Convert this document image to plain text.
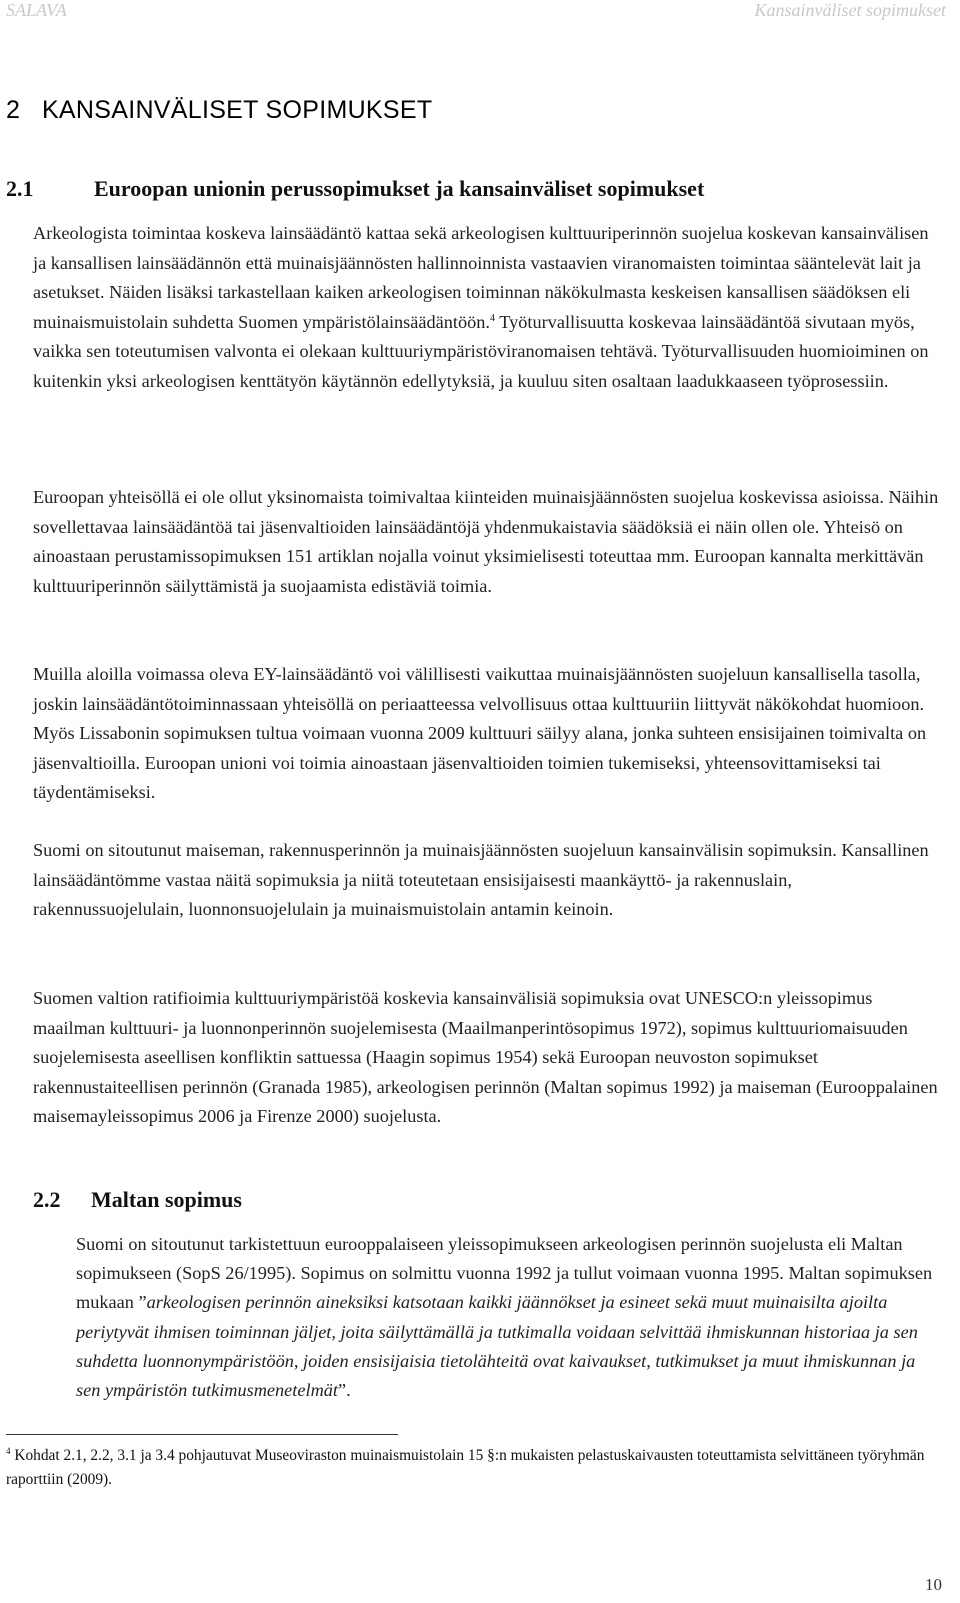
SALAVA	Kansainväliset sopimukset
2   KANSAINVÄLISET SOPIMUKSET
2.1	Euroopan unionin perussopimukset ja kansainväliset sopimukset

Arkeologista toimintaa koskeva lainsäädäntö kattaa sekä arkeologisen kulttuuriperinnön suojelua koskevan kansainvälisen ja kansallisen lainsäädännön että muinaisjäännösten hallinnoinnista vastaavien viranomaisten toimintaa sääntelevät lait ja asetukset. Näiden lisäksi tarkastellaan kaiken arkeologisen toiminnan näkökulmasta keskeisen kansallisen säädöksen eli muinaismuistolain suhdetta Suomen ympäristölainsäädäntöön.$^4$ Työturvallisuutta koskevaa lainsäädäntöä sivutaan myös, vaikka sen toteutumisen valvonta ei olekaan kulttuuriympäristöviranomaisen tehtävä. Työturvallisuuden huomioiminen on kuitenkin yksi arkeologisen kenttätyön käytännön edellytyksiä, ja kuuluu siten osaltaan laadukkaaseen työprosessiin.

Euroopan yhteisöllä ei ole ollut yksinomaista toimivaltaa kiinteiden muinaisjäännösten suojelua koskevissa asioissa. Näihin sovellettavaa lainsäädäntöä tai jäsenvaltioiden lainsäädäntöjä yhdenmukaistavia säädöksiä ei näin ollen ole. Yhteisö on ainoastaan perustamissopimuksen 151 artiklan nojalla voinut yksimielisesti toteuttaa mm. Euroopan kannalta merkittävän kulttuuriperinnön säilyttämistä ja suojaamista edistäviä toimia.

Muilla aloilla voimassa oleva EY-lainsäädäntö voi välillisesti vaikuttaa muinaisjäännösten suojeluun kansallisella tasolla, joskin lainsäädäntötoiminnassaan yhteisöllä on periaatteessa velvollisuus ottaa kulttuuriin liittyvät näkökohdat huomioon. Myös Lissabonin sopimuksen tultua voimaan vuonna 2009 kulttuuri säilyy alana, jonka suhteen ensisijainen toimivalta on jäsenvaltioilla. Euroopan unioni voi toimia ainoastaan jäsenvaltioiden toimien tukemiseksi, yhteensovittamiseksi tai täydentämiseksi.

Suomi on sitoutunut maiseman, rakennusperinnön ja muinaisjäännösten suojeluun kansainvälisin sopimuksin. Kansallinen lainsäädäntömme vastaa näitä sopimuksia ja niitä toteutetaan ensisijaisesti maankäyttö- ja rakennuslain, rakennussuojelulain, luonnonsuojelulain ja muinaismuistolain antamin keinoin.

Suomen valtion ratifioimia kulttuuriympäristöä koskevia kansainvälisiä sopimuksia ovat UNESCO:n yleissopimus maailman kulttuuri- ja luonnonperinnön suojelemisesta (Maailmanperintösopimus 1972), sopimus kulttuuriomaisuuden suojelemisesta aseellisen konfliktin sattuessa (Haagin sopimus 1954) sekä Euroopan neuvoston sopimukset rakennustaiteellisen perinnön (Granada 1985), arkeologisen perinnön (Maltan sopimus 1992) ja maiseman (Eurooppalainen maisemayleissopimus 2006 ja Firenze 2000) suojelusta.

2.2 Maltan sopimus

Suomi on sitoutunut tarkistettuun eurooppalaiseen yleissopimukseen arkeologisen perinnön suojelusta eli Maltan sopimukseen (SopS 26/1995). Sopimus on solmittu vuonna 1992 ja tullut voimaan vuonna 1995. Maltan sopimuksen mukaan ”arkeologisen perinnön aineksiksi katsotaan kaikki jäännökset ja esineet sekä muut muinaisilta ajoilta periytyvät ihmisen toiminnan jäljet, joita säilyttämällä ja tutkimalla voidaan selvittää ihmiskunnan historiaa ja sen suhdetta luonnonympäristöön, joiden ensisijaisia tietolähteitä ovat kaivaukset, tutkimukset ja muut ihmiskunnan ja sen ympäristön tutkimusmenetelmät”.

$^4$ Kohdat 2.1, 2.2, 3.1 ja 3.4 pohjautuvat Museoviraston muinaismuistolain 15 §:n mukaisten pelastuskaivausten toteuttamista selvittäneen työryhmän raporttiin (2009).

10
